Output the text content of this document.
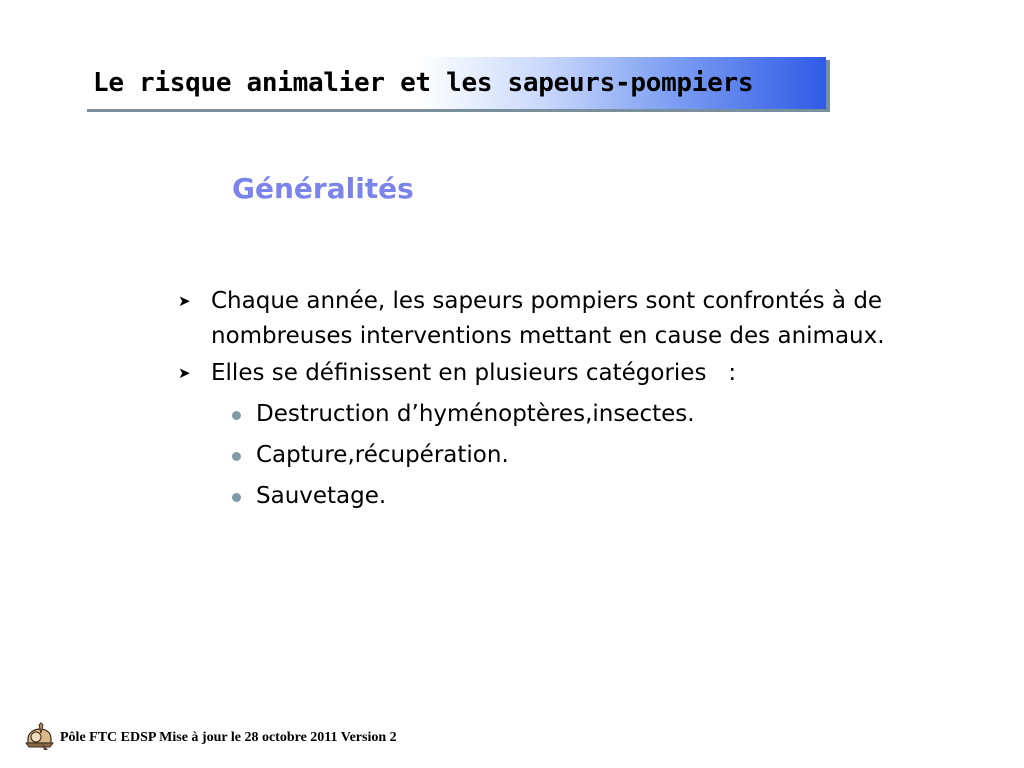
Le risque animalier et les sapeurs-pompiers
Généralités
➤ Chaque année, les sapeurs pompiers sont confrontés à de nombreuses interventions mettant en cause des animaux.
➤ Elles se définissent en plusieurs catégories   :
Destruction d’hyménoptères,insectes.
Capture,récupération.
Sauvetage.
Pôle FTC EDSP Mise à jour le 28 octobre 2011 Version 2
